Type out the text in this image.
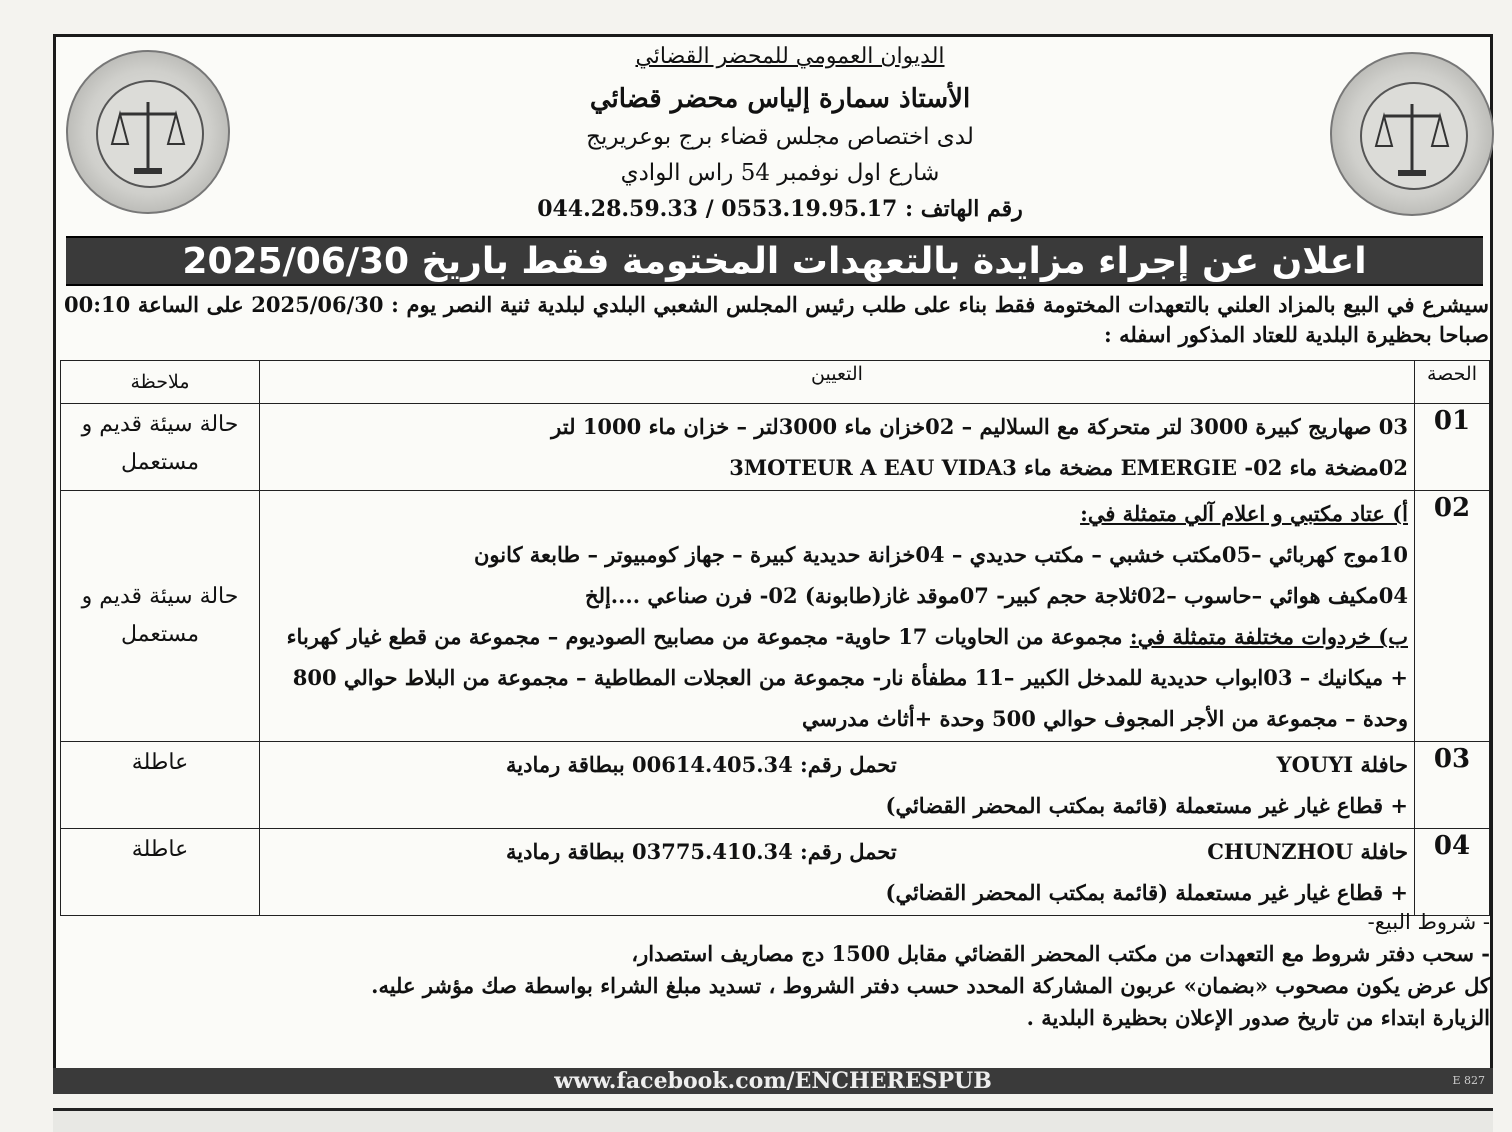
الديوان العمومي للمحضر القضائي
الأستاذ سمارة إلياس محضر قضائي
لدى اختصاص مجلس قضاء برج بوعريريج
شارع اول نوفمبر 54 راس الوادي
رقم الهاتف : 044.28.59.33 / 0553.19.95.17
اعلان عن إجراء مزايدة بالتعهدات المختومة فقط باريخ 2025/06/30
سيشرع في البيع بالمزاد العلني بالتعهدات المختومة فقط بناء على طلب رئيس المجلس الشعبي البلدي لبلدية ثنية النصر يوم : 2025/06/30 على الساعة 00:10 صباحا بحظيرة البلدية للعتاد المذكور اسفله :
الحصة	التعيين	ملاحظة
01	03 صهاريج كبيرة 3000 لتر متحركة مع السلاليم – 02خزان ماء 3000لتر – خزان ماء 1000 لتر
02مضخة ماء 02- EMERGIE مضخة ماء 3MOTEUR A EAU VIDA3	حالة سيئة قديم و مستعمل
02	أ) عتاد مكتبي و اعلام آلي متمثلة في:
10موج كهربائي –05مكتب خشبي – مكتب حديدي – 04خزانة حديدية كبيرة – جهاز كومبيوتر – طابعة كانون
04مكيف هوائي –حاسوب –02ثلاجة حجم كبير- 07موقد غاز(طابونة) 02- فرن صناعي ....إلخ
ب) خردوات مختلفة متمثلة في: مجموعة من الحاويات 17 حاوية- مجموعة من مصابيح الصوديوم – مجموعة من قطع غيار كهرباء + ميكانيك – 03ابواب حديدية للمدخل الكبير –11 مطفأة نار- مجموعة من العجلات المطاطية – مجموعة من البلاط حوالي 800 وحدة – مجموعة من الأجر المجوف حوالي 500 وحدة +أثاث مدرسي	حالة سيئة قديم و مستعمل
03	حافلة YOUYI
تحمل رقم: 00614.405.34 ببطاقة رمادية
+ قطاع غيار غير مستعملة (قائمة بمكتب المحضر القضائي)	عاطلة
04	حافلة CHUNZHOU
تحمل رقم: 03775.410.34 ببطاقة رمادية
+ قطاع غيار غير مستعملة (قائمة بمكتب المحضر القضائي)	عاطلة
- شروط البيع-
- سحب دفتر شروط مع التعهدات من مكتب المحضر القضائي مقابل 1500 دج مصاريف استصدار،
كل عرض يكون مصحوب «بضمان» عربون المشاركة المحدد حسب دفتر الشروط ، تسديد مبلغ الشراء بواسطة صك مؤشر عليه.
الزيارة ابتداء من تاريخ صدور الإعلان بحظيرة البلدية .
www.facebook.com/ENCHERESPUB	E 827
